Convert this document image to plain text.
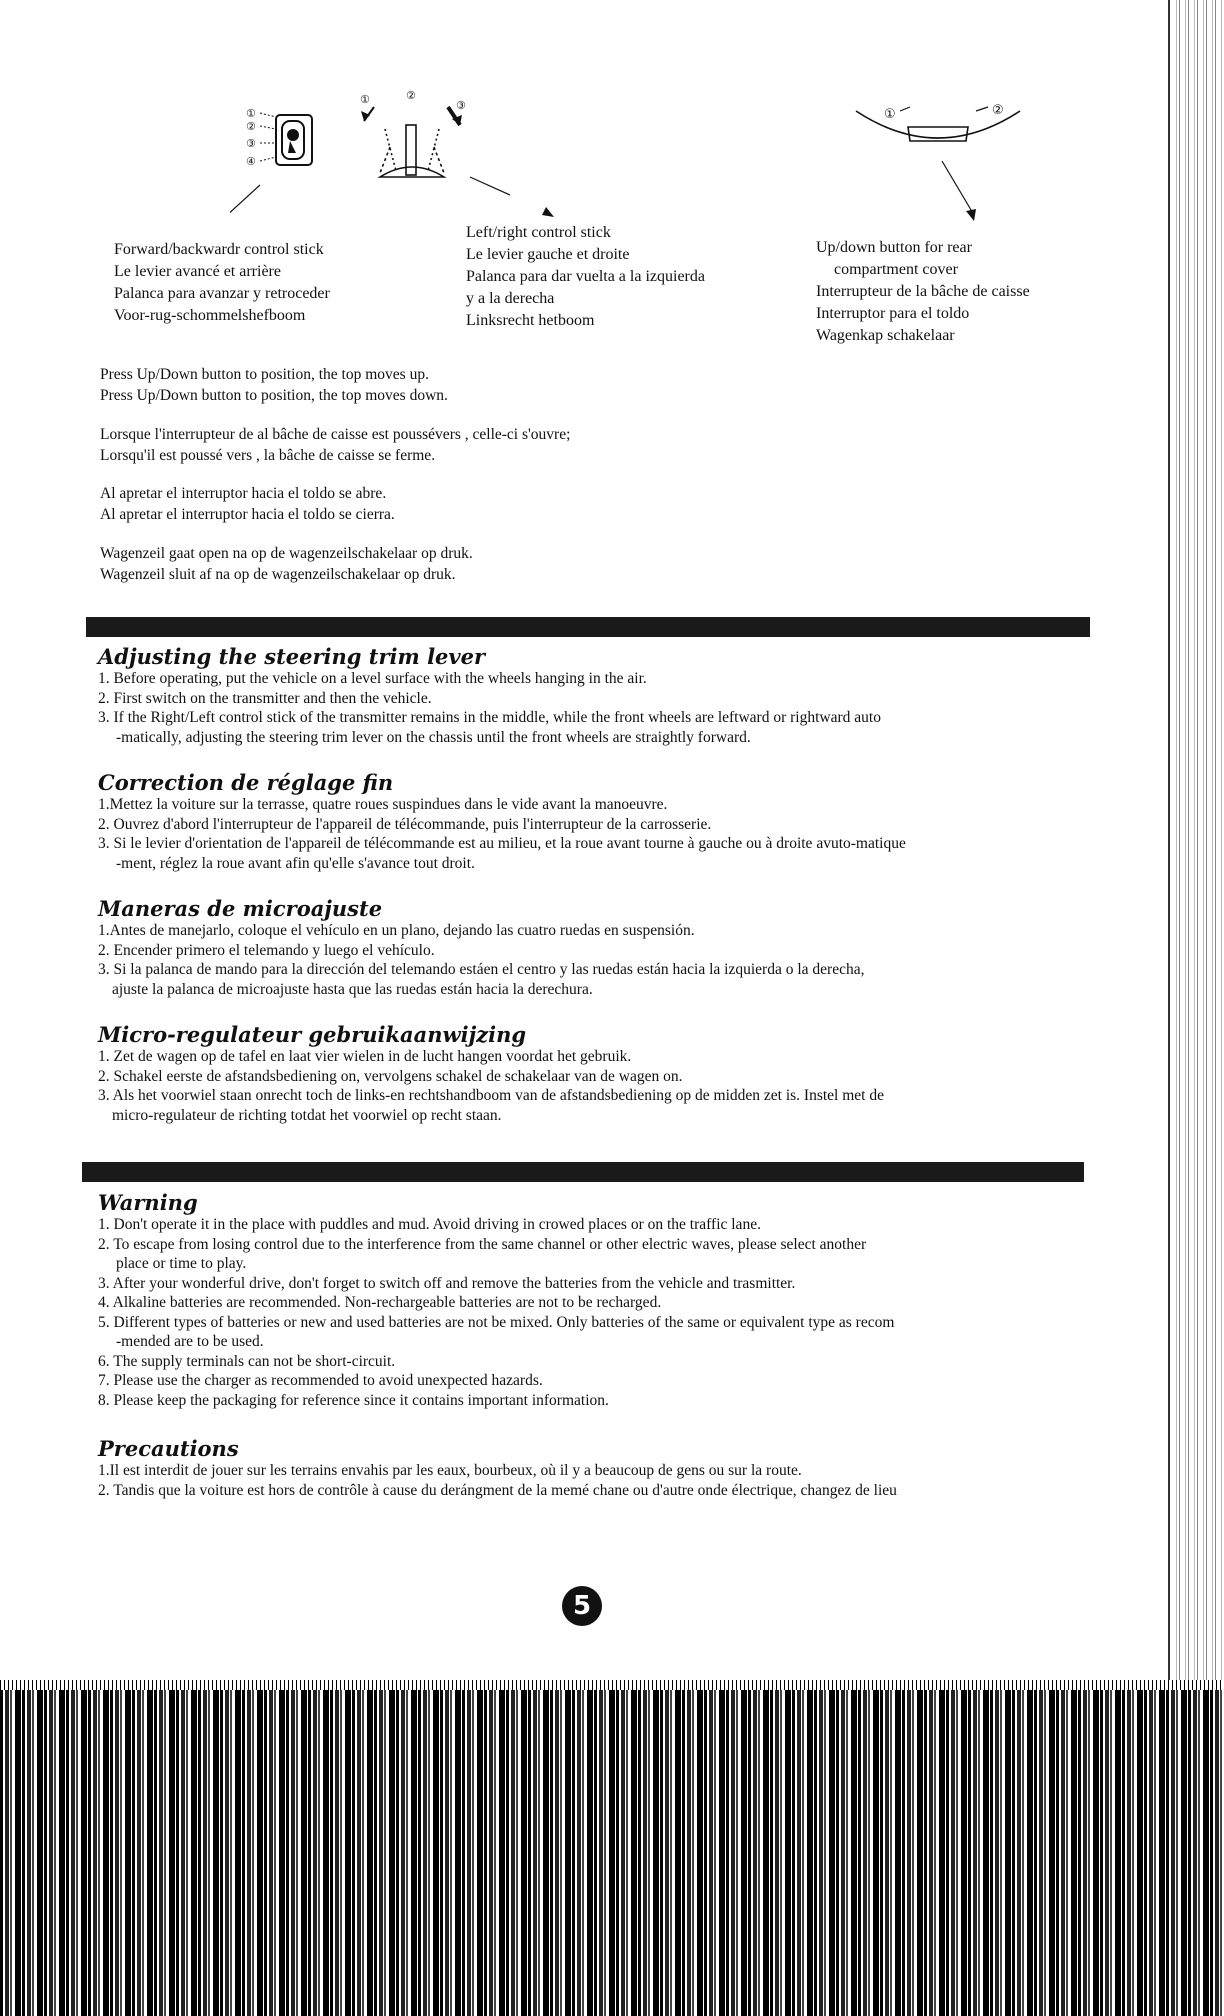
①
②
③
④
①	②
③
①	②
Forward/backwardr control stick
Le levier avancé et arrière
Palanca para avanzar y retroceder
Voor-rug-schommelshefboom
Left/right control stick
Le levier gauche et droite
Palanca para dar vuelta a la izquierda
y a la derecha
Linksrecht hetboom
Up/down button for rear
compartment cover
Interrupteur de la bâche de caisse
Interruptor para el toldo
Wagenkap schakelaar
Press Up/Down button to position, the top moves up.
Press Up/Down button to position, the top moves down.
Lorsque l'interrupteur de al bâche de caisse est poussévers , celle-ci s'ouvre;
Lorsqu'il est poussé vers , la bâche de caisse se ferme.
Al apretar el interruptor hacia el toldo se abre.
Al apretar el interruptor hacia el toldo se cierra.
Wagenzeil gaat open na op de wagenzeilschakelaar op druk.
Wagenzeil sluit af na op de wagenzeilschakelaar op druk.
Adjusting the steering trim lever
1. Before operating, put the vehicle on a level surface with the wheels hanging in the air.
2. First switch on the transmitter and then the vehicle.
3. If the Right/Left control stick of the transmitter remains in the middle, while the front wheels are leftward or rightward auto
-matically, adjusting the steering trim lever on the chassis until the front wheels are straightly forward.
Correction de réglage fin
1.Mettez la voiture sur la terrasse, quatre roues suspindues dans le vide avant la manoeuvre.
2. Ouvrez d'abord l'interrupteur de l'appareil de télécommande, puis l'interrupteur de la carrosserie.
3. Si le levier d'orientation de l'appareil de télécommande est au milieu, et la roue avant tourne à gauche ou à droite avuto-matique
-ment, réglez la roue avant afin qu'elle s'avance tout droit.
Maneras de microajuste
1.Antes de manejarlo, coloque el vehículo en un plano, dejando las cuatro ruedas en suspensión.
2. Encender primero el telemando y luego el vehículo.
3. Si la palanca de mando para la dirección del telemando estáen el centro y las ruedas están hacia la izquierda o la derecha,
ajuste la palanca de microajuste hasta que las ruedas están hacia la derechura.
Micro-regulateur gebruikaanwijzing
1. Zet de wagen op de tafel en laat vier wielen in de lucht hangen voordat het gebruik.
2. Schakel eerste de afstandsbediening on, vervolgens schakel de schakelaar van de wagen on.
3. Als het voorwiel staan onrecht toch de links-en rechtshandboom van de afstandsbediening op de midden zet is. Instel met de
micro-regulateur de richting totdat het voorwiel op recht staan.
Warning
1. Don't operate it in the place with puddles and mud. Avoid driving in crowed places or on the traffic lane.
2. To escape from losing control due to the interference from the same channel or other electric waves, please select another
place or time to play.
3. After your wonderful drive, don't forget to switch off and remove the batteries from the vehicle and trasmitter.
4. Alkaline batteries are recommended. Non-rechargeable batteries are not to be recharged.
5. Different types of batteries or new and used batteries are not be mixed. Only batteries of the same or equivalent type as recom
-mended are to be used.
6. The supply terminals can not be short-circuit.
7. Please use the charger as recommended to avoid unexpected hazards.
8. Please keep the packaging for reference since it contains important information.
Precautions
1.Il est interdit de jouer sur les terrains envahis par les eaux, bourbeux, où il y a beaucoup de gens ou sur la route.
2. Tandis que la voiture est hors de contrôle à cause du derángment de la memé chane ou d'autre onde électrique, changez de lieu
5
